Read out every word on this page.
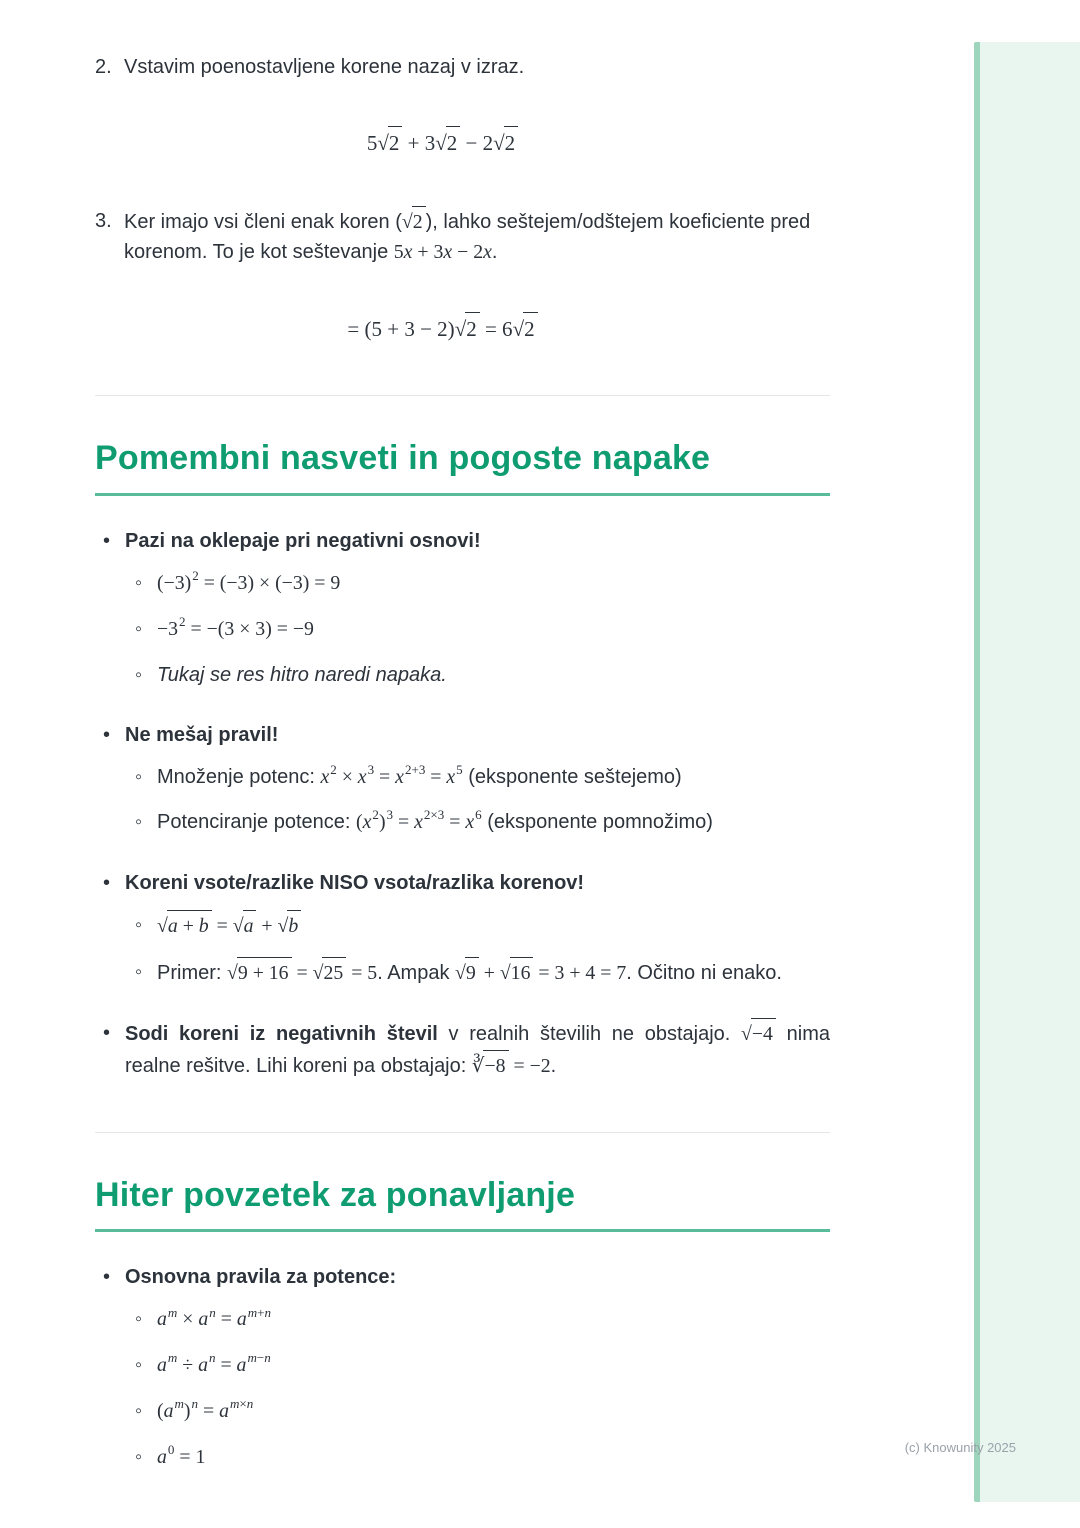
2. Vstavim poenostavljene korene nazaj v izraz.

5√2 + 3√2 − 2√2

3. Ker imajo vsi členi enak koren (√2 ), lahko seštejem/odštejem koeficiente pred korenom. To je kot seštevanje 5x + 3x − 2x.

= (5 + 3 − 2)√2 = 6√2

Pomembni nasveti in pogoste napake

• Pazi na oklepaje pri negativni osnovi!

◦ $(-3)^2 = (-3) \times (-3) = 9$

◦ $-3^2 = -(3 \times 3) = -9$

◦ Tukaj se res hitro naredi napaka.

• Ne mešaj pravil!

◦ Množenje potenc: $x^2 \times x^3 = x^{2+3} = x^5$ (eksponente seštejemo)

◦ Potenciranje potence: $(x^2)^3 = x^{2\times 3} = x^6$ (eksponente pomnožimo)

• Koreni vsote/razlike NISO vsota/razlika korenov!

◦ √a + b = √a + √b

◦ Primer: √9 + 16 = √25 = 5. Ampak √9 + √16 = 3 + 4 = 7. Očitno ni enako.

• Sodi koreni iz negativnih števil v realnih številih ne obstajajo. √−4 nima realne rešitve. Lihi koreni pa obstajajo: ∛−8 = −2.

Hiter povzetek za ponavljanje

• Osnovna pravila za potence:

◦ $a^m \times a^n = a^{m+n}$

◦ $a^m \div a^n = a^{m-n}$

◦ $(a^m)^n = a^{m\times n}$

◦ $a^0 = 1$	(c) Knowunity 2025
